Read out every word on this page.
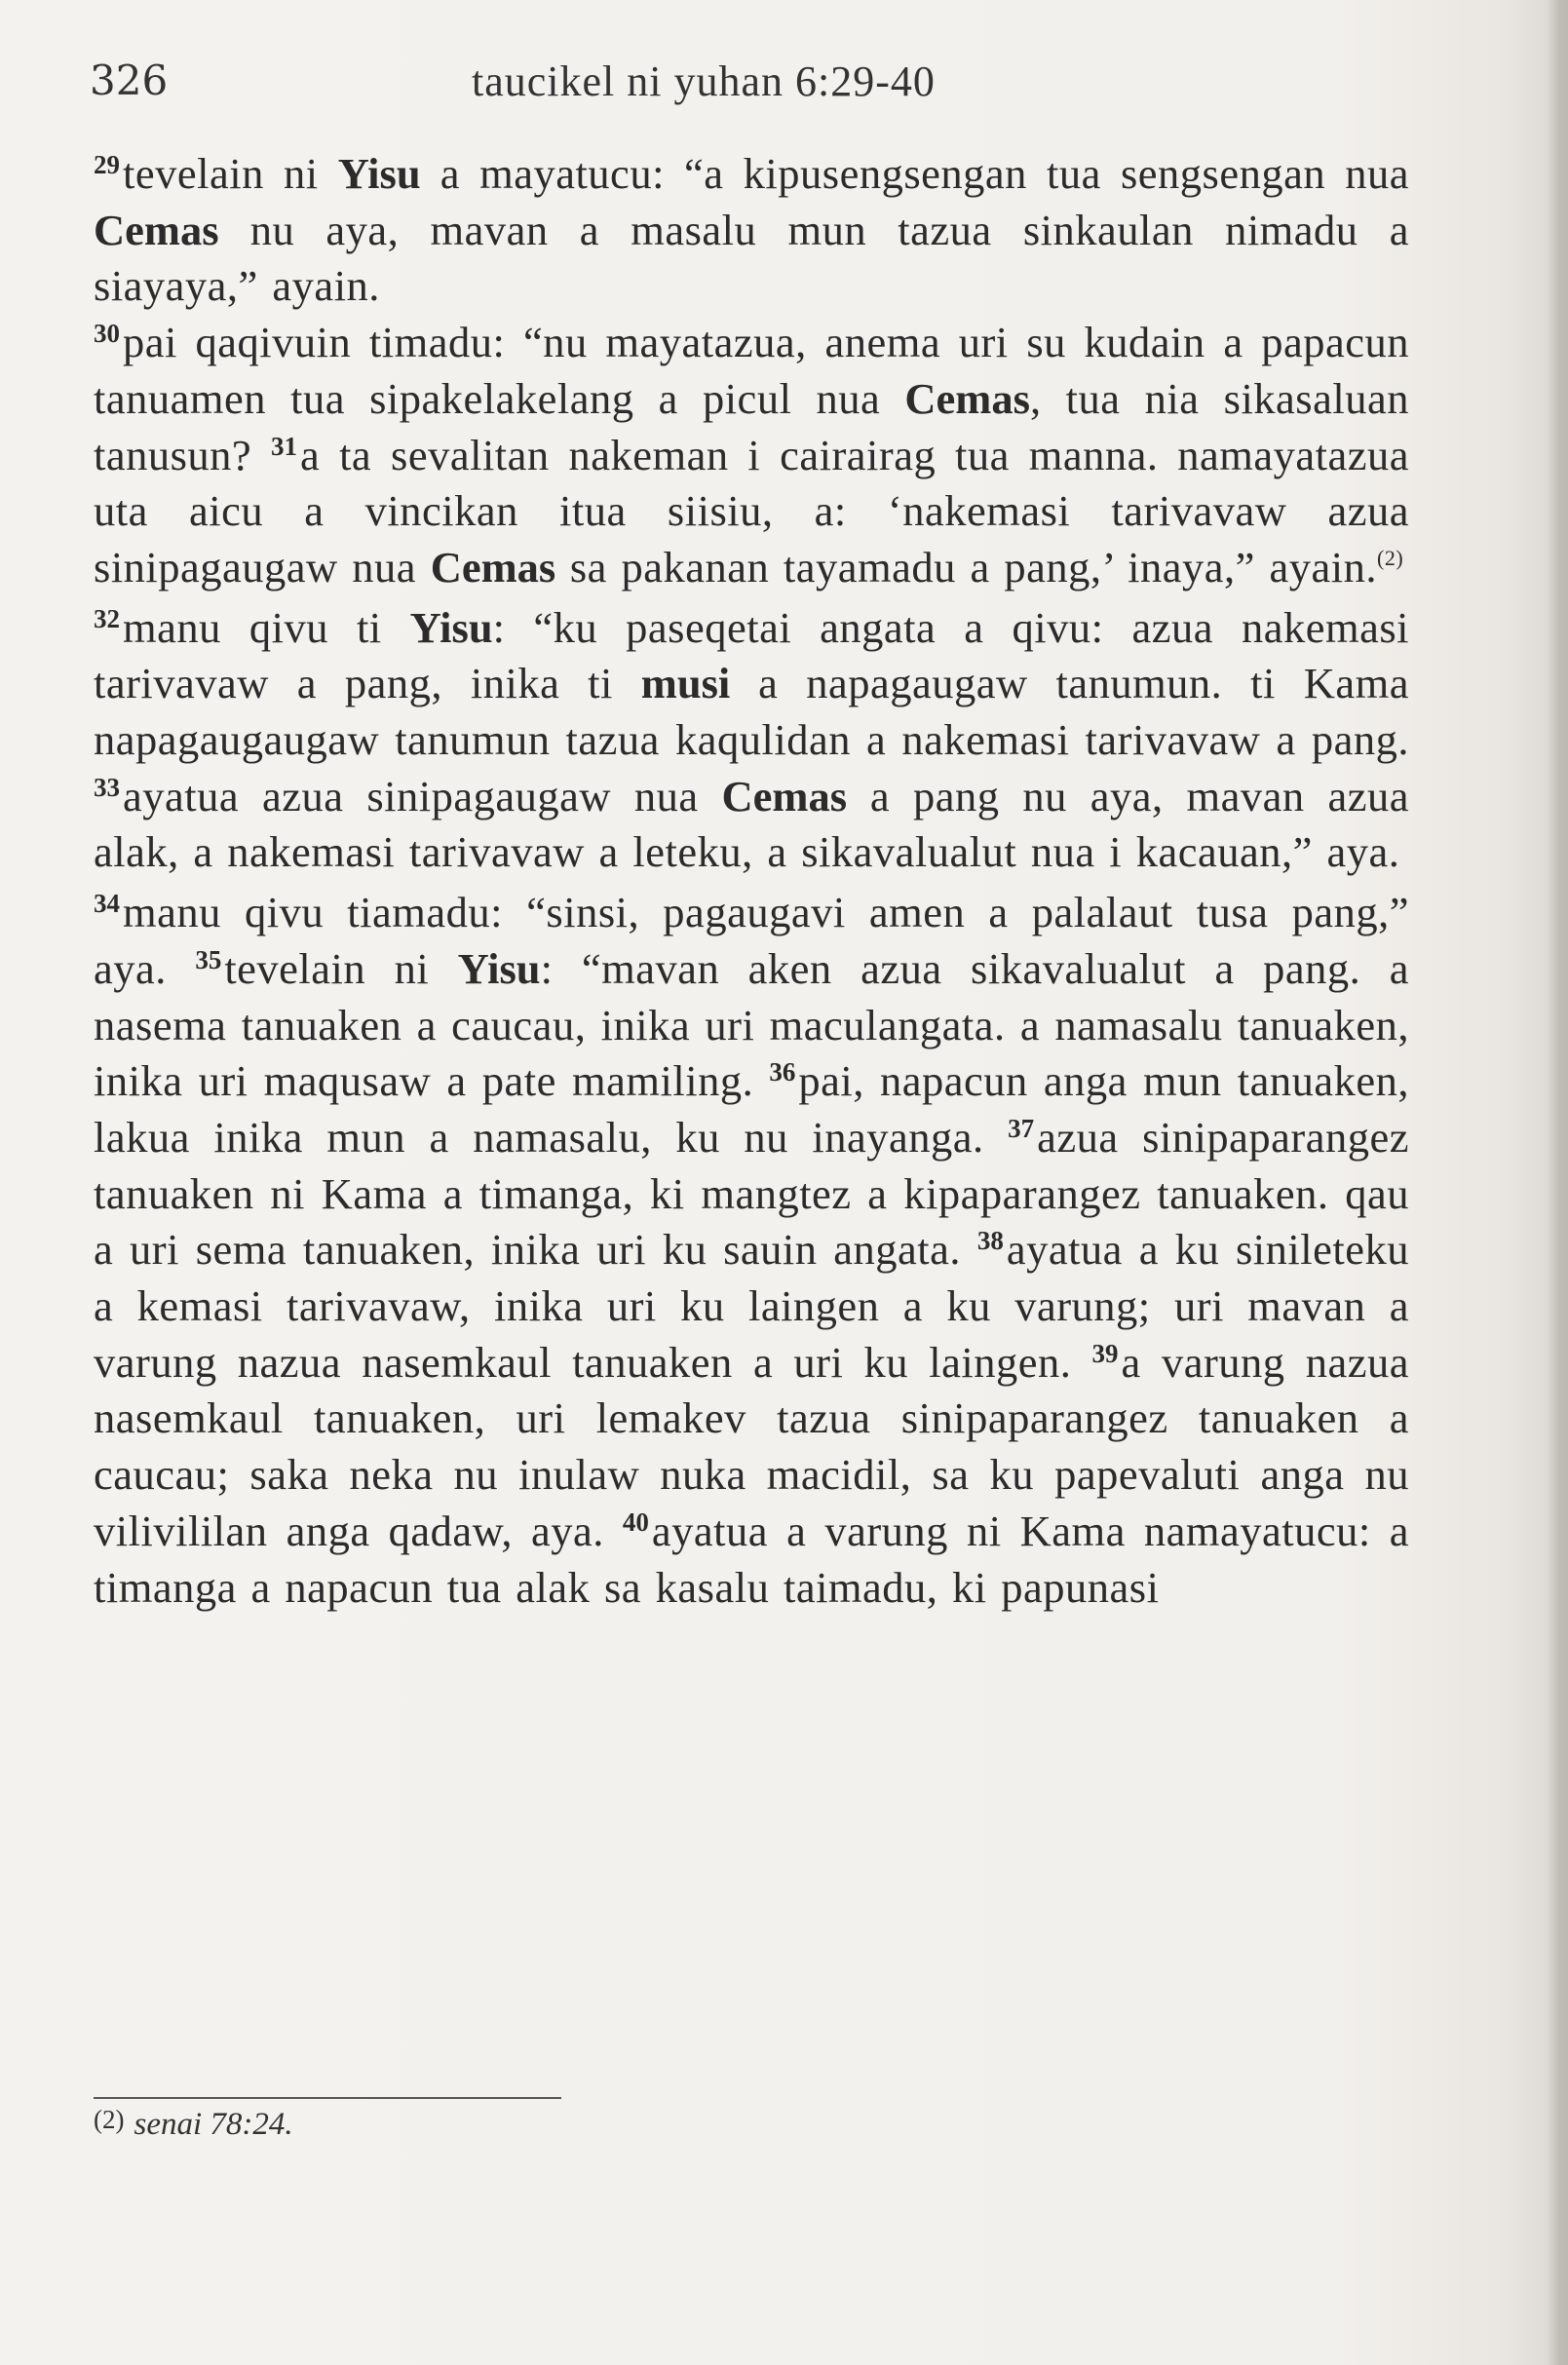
326	taucikel ni yuhan 6:29-40

$^{29}$tevelain ni Yisu a mayatucu: “a kipusengsengan tua sengsengan nua Cemas nu aya, mavan a masalu mun tazua sinkaulan nimadu a siayaya,” ayain.
$^{30}$pai qaqivuin timadu: “nu mayatazua, anema uri su kudain a papacun tanuamen tua sipakelakelang a picul nua Cemas, tua nia sikasaluan tanusun? $^{31}$a ta sevalitan nakeman i cairairag tua manna. namayatazua uta aicu a vincikan itua siisiu, a: ‘nakemasi tarivavaw azua sinipagaugaw nua Cemas sa pakanan tayamadu a pang,’ inaya,” ayain.$^{(2)}$

$^{32}$manu qivu ti Yisu: “ku paseqetai angata a qivu: azua nakemasi tarivavaw a pang, inika ti musi a napagaugaw tanumun. ti Kama napagaugaugaw tanumun tazua kaqulidan a nakemasi tarivavaw a pang. $^{33}$ayatua azua sinipagaugaw nua Cemas a pang nu aya, mavan azua alak, a nakemasi tarivavaw a leteku, a sikavalualut nua i kacauan,” aya.

$^{34}$manu qivu tiamadu: “sinsi, pagaugavi amen a palalaut tusa pang,” aya. $^{35}$tevelain ni Yisu: “mavan aken azua sikavalualut a pang. a nasema tanuaken a caucau, inika uri maculangata. a namasalu tanuaken, inika uri maqusaw a pate mamiling. $^{36}$pai, napacun anga mun tanuaken, lakua inika mun a namasalu, ku nu inayanga. $^{37}$azua sinipaparangez tanuaken ni Kama a timanga, ki mangtez a kipaparangez tanuaken. qau a uri sema tanuaken, inika uri ku sauin angata. $^{38}$ayatua a ku sinileteku a kemasi tarivavaw, inika uri ku laingen a ku varung; uri mavan a varung nazua nasemkaul tanuaken a uri ku laingen. $^{39}$a varung nazua nasemkaul tanuaken, uri lemakev tazua sinipaparangez tanuaken a caucau; saka neka nu inulaw nuka macidil, sa ku papevaluti anga nu vilivililan anga qadaw, aya. $^{40}$ayatua a varung ni Kama namayatucu: a timanga a napacun tua alak sa kasalu taimadu, ki papunasi

(2) senai 78:24.
